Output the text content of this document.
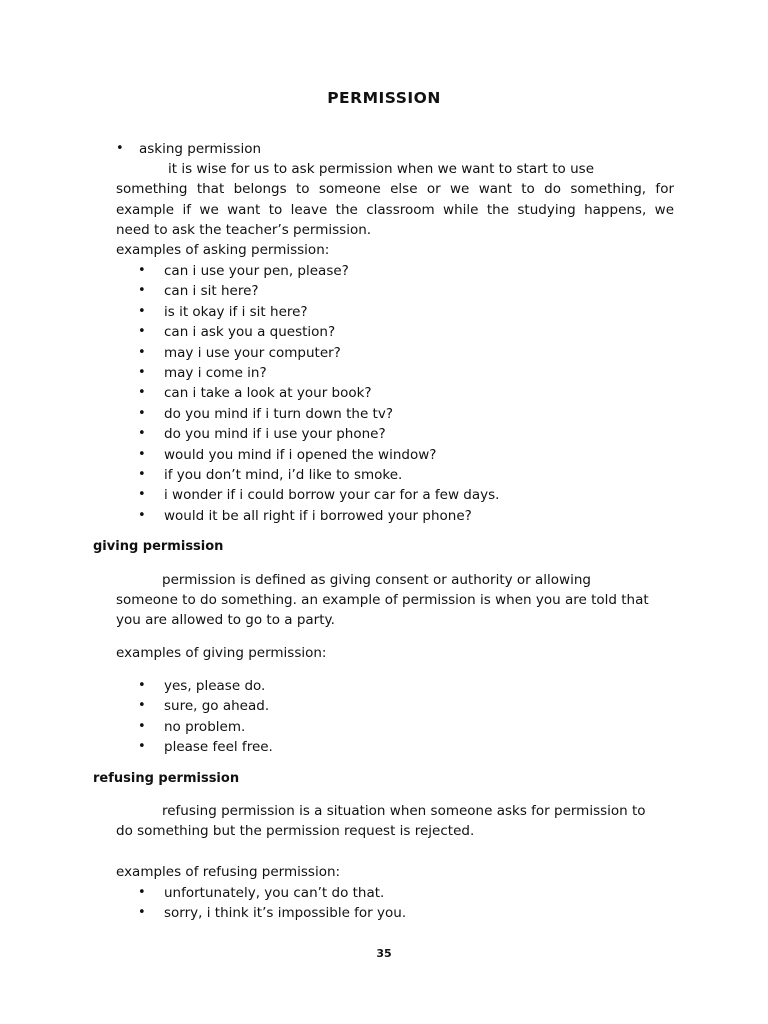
PERMISSION
• asking permission
it is wise for us to ask permission when we want to start to use
something that belongs to someone else or we want to do something, for
example if we want to leave the classroom while the studying happens, we
need to ask the teacher’s permission.
examples of asking permission:
• can i use your pen, please?
• can i sit here?
• is it okay if i sit here?
• can i ask you a question?
• may i use your computer?
• may i come in?
• can i take a look at your book?
• do you mind if i turn down the tv?
• do you mind if i use your phone?
• would you mind if i opened the window?
• if you don’t mind, i’d like to smoke.
• i wonder if i could borrow your car for a few days.
• would it be all right if i borrowed your phone?
giving permission
permission is defined as giving consent or authority or allowing
someone to do something. an example of permission is when you are told that
you are allowed to go to a party.
examples of giving permission:
• yes, please do.
• sure, go ahead.
• no problem.
• please feel free.
refusing permission
refusing permission is a situation when someone asks for permission to
do something but the permission request is rejected.
examples of refusing permission:
• unfortunately, you can’t do that.
• sorry, i think it’s impossible for you.
35
